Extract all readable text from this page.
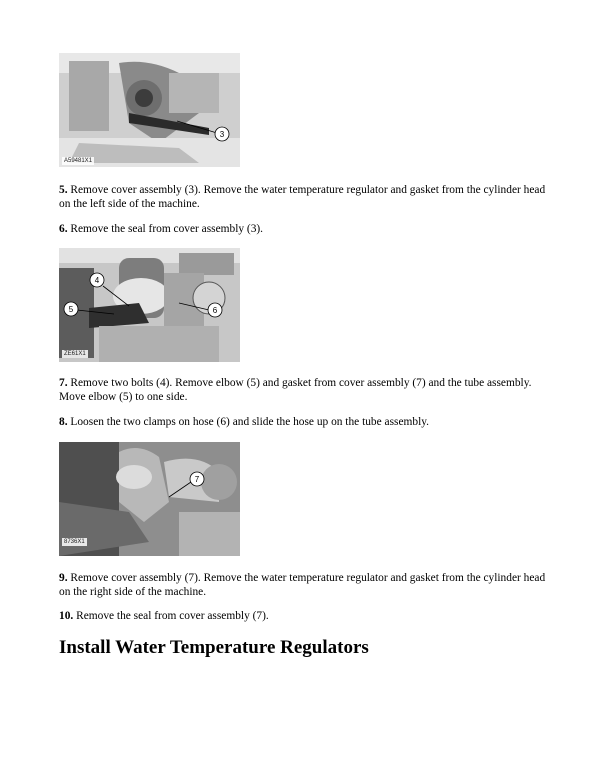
3
A59481X1

5. Remove cover assembly (3). Remove the water temperature regulator and gasket from the cylinder head on the left side of the machine.

6. Remove the seal from cover assembly (3).

4
5	6
ZE61X1

7. Remove two bolts (4). Remove elbow (5) and gasket from cover assembly (7) and the tube assembly. Move elbow (5) to one side.

8. Loosen the two clamps on hose (6) and slide the hose up on the tube assembly.

7
8736X1

9. Remove cover assembly (7). Remove the water temperature regulator and gasket from the cylinder head on the right side of the machine.

10. Remove the seal from cover assembly (7).

Install Water Temperature Regulators
